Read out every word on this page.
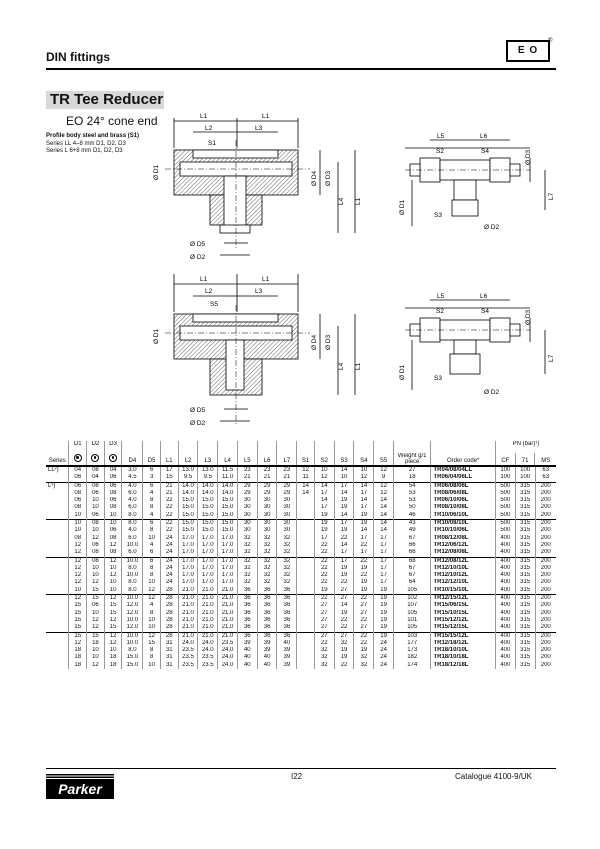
DIN fittings	E O
®
TR Tee Reducer
EO 24° cone end
Profile body steel and brass (S1)
Series LL 4–8 mm D1, D2, D3
Series L 6+8 mm D1, D2, D3
L1	L1
L2	L3
S1
Ø D1	Ø D4 Ø D3
L4 L1
Ø D5
Ø D2
L5	L6
S2	S4
S3
Ø D3
L7
Ø D1
Ø D2
L1	L1
L2	L3
S5
Ø D1	Ø D4 Ø D3
L4 L1
Ø D5
Ø D2
L5	L6
S2	S4
S3
Ø D3
L7
Ø D1
Ø D2
	D1	D2	D3																	PN (bar)¹)		
Series				D4	D5	L1	L2	L3	L4	L5	L6	L7	S1	S2	S3	S4	S5	Weight g/1 piece	Order code*	CF	71	MS
LL²)	04	08	04	3.0	6	17	13.0	13.0	11.5	23	23	23	12	10	14	10	12	27	TR04/08/04LL	100	100	63
	06	04	06	4.5	3	15	9.5	9.5	11.0	21	21	21	11	12	10	12	9	18	TR06/04/06LL	100	100	63
L³)	06	08	06	4.0	6	21	14.0	14.0	14.0	29	29	29	14	14	17	14	12	54	TR06/08/06L	500	315	200
	08	06	08	6.0	4	21	14.0	14.0	14.0	29	29	29	14	17	14	17	12	53	TR08/06/08L	500	315	200
	06	10	06	4.0	8	22	15.0	15.0	15.0	30	30	30		14	19	14	14	53	TR06/10/06L	500	315	200
	08	10	08	6.0	8	22	15.0	15.0	15.0	30	30	30		17	19	17	14	50	TR08/10/08L	500	315	200
	10	06	10	8.0	4	22	15.0	15.0	15.0	30	30	30		19	14	19	14	46	TR10/06/10L	500	315	200
	10	08	10	8.0	6	22	15.0	15.0	15.0	30	30	30		19	17	19	14	43	TR10/08/10L	500	315	200
	10	10	06	4.0	8	22	15.0	15.0	15.0	30	30	30		19	19	14	14	49	TR10/10/06L	500	315	200
	08	12	08	6.0	10	24	17.0	17.0	17.0	32	32	32		17	22	17	17	67	TR08/12/08L	400	315	200
	12	06	12	10.0	4	24	17.0	17.0	17.0	32	32	32		22	14	22	17	66	TR12/06/12L	400	315	200
	12	08	08	6.0	6	24	17.0	17.0	17.0	32	32	32		22	17	17	17	66	TR12/08/08L	400	315	200
	12	08	12	10.0	6	24	17.0	17.0	17.0	32	32	32		22	17	22	17	68	TR12/08/12L	400	315	200
	12	10	10	8.0	8	24	17.0	17.0	17.0	32	32	32		22	19	19	17	67	TR12/10/10L	400	315	200
	12	10	12	10.0	8	24	17.0	17.0	17.0	32	32	32		22	19	22	17	67	TR12/10/12L	400	315	200
	12	12	10	8.0	10	24	17.0	17.0	17.0	32	32	32		22	22	19	17	64	TR12/12/10L	400	315	200
	10	15	10	8.0	12	28	21.0	21.0	21.0	36	36	36		19	27	19	19	105	TR10/15/10L	400	315	200
	12	15	12	10.0	12	28	21.0	21.0	21.0	36	36	36		22	27	22	19	102	TR12/15/12L	400	315	200
	15	06	15	12.0	4	28	21.0	21.0	21.0	36	36	36		27	14	27	19	107	TR15/06/15L	400	315	200
	15	10	15	12.0	8	28	21.0	21.0	21.0	36	36	36		27	19	27	19	105	TR15/10/15L	400	315	200
	15	12	12	10.0	10	28	21.0	21.0	21.0	36	36	36		27	22	22	19	101	TR15/12/12L	400	315	200
	15	12	15	12.0	10	28	21.0	21.0	21.0	36	36	36		27	22	27	19	105	TR15/12/15L	400	315	200
	15	15	12	10.0	12	28	21.0	21.0	21.0	36	36	36		27	27	22	19	103	TR15/15/12L	400	315	200
	12	18	12	10.0	15	31	24.0	24.0	23.5	39	39	40		22	32	22	24	177	TR12/18/12L	400	315	200
	18	10	10	8.0	8	31	23.5	24.0	24.0	40	39	39		32	19	19	24	173	TR18/10/10L	400	315	200
	18	10	18	15.0	8	31	23.5	23.5	24.0	40	40	39		32	19	32	24	182	TR18/10/18L	400	315	200
	18	12	18	15.0	10	31	23.5	23.5	24.0	40	40	39		32	22	32	24	174	TR18/12/18L	400	315	200
Parker
I22	Catalogue 4100-9/UK
